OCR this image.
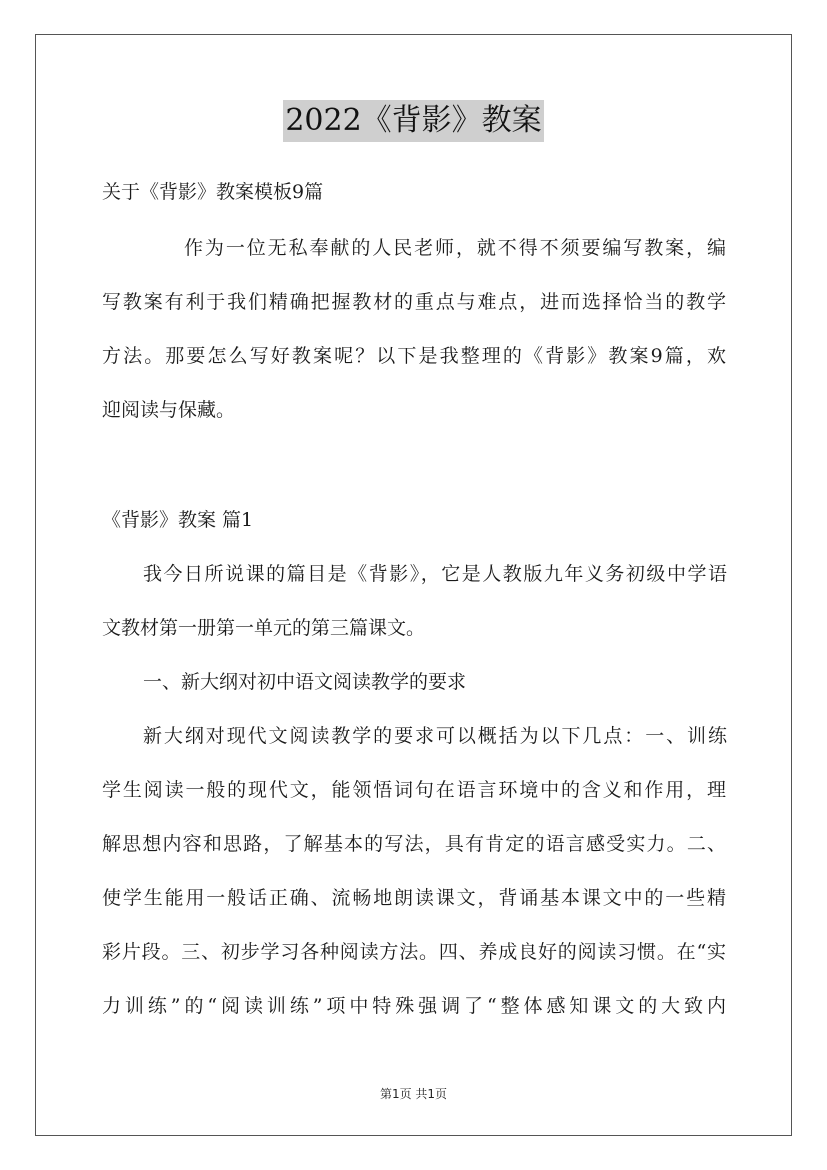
2022《背影》教案
关于《背影》教案模板9篇
作为一位无私奉献的人民老师，就不得不须要编写教案，编
写教案有利于我们精确把握教材的重点与难点，进而选择恰当的教学
方法。那要怎么写好教案呢？以下是我整理的《背影》教案9篇，欢
迎阅读与保藏。
《背影》教案 篇1
我今日所说课的篇目是《背影》，它是人教版九年义务初级中学语
文教材第一册第一单元的第三篇课文。
一、新大纲对初中语文阅读教学的要求
新大纲对现代文阅读教学的要求可以概括为以下几点：一、训练
学生阅读一般的现代文，能领悟词句在语言环境中的含义和作用，理
解思想内容和思路，了解基本的写法，具有肯定的语言感受实力。二、
使学生能用一般话正确、流畅地朗读课文，背诵基本课文中的一些精
彩片段。三、初步学习各种阅读方法。四、养成良好的阅读习惯。在“实
力训练”的“阅读训练”项中特殊强调了“整体感知课文的大致内
第1页 共1页
